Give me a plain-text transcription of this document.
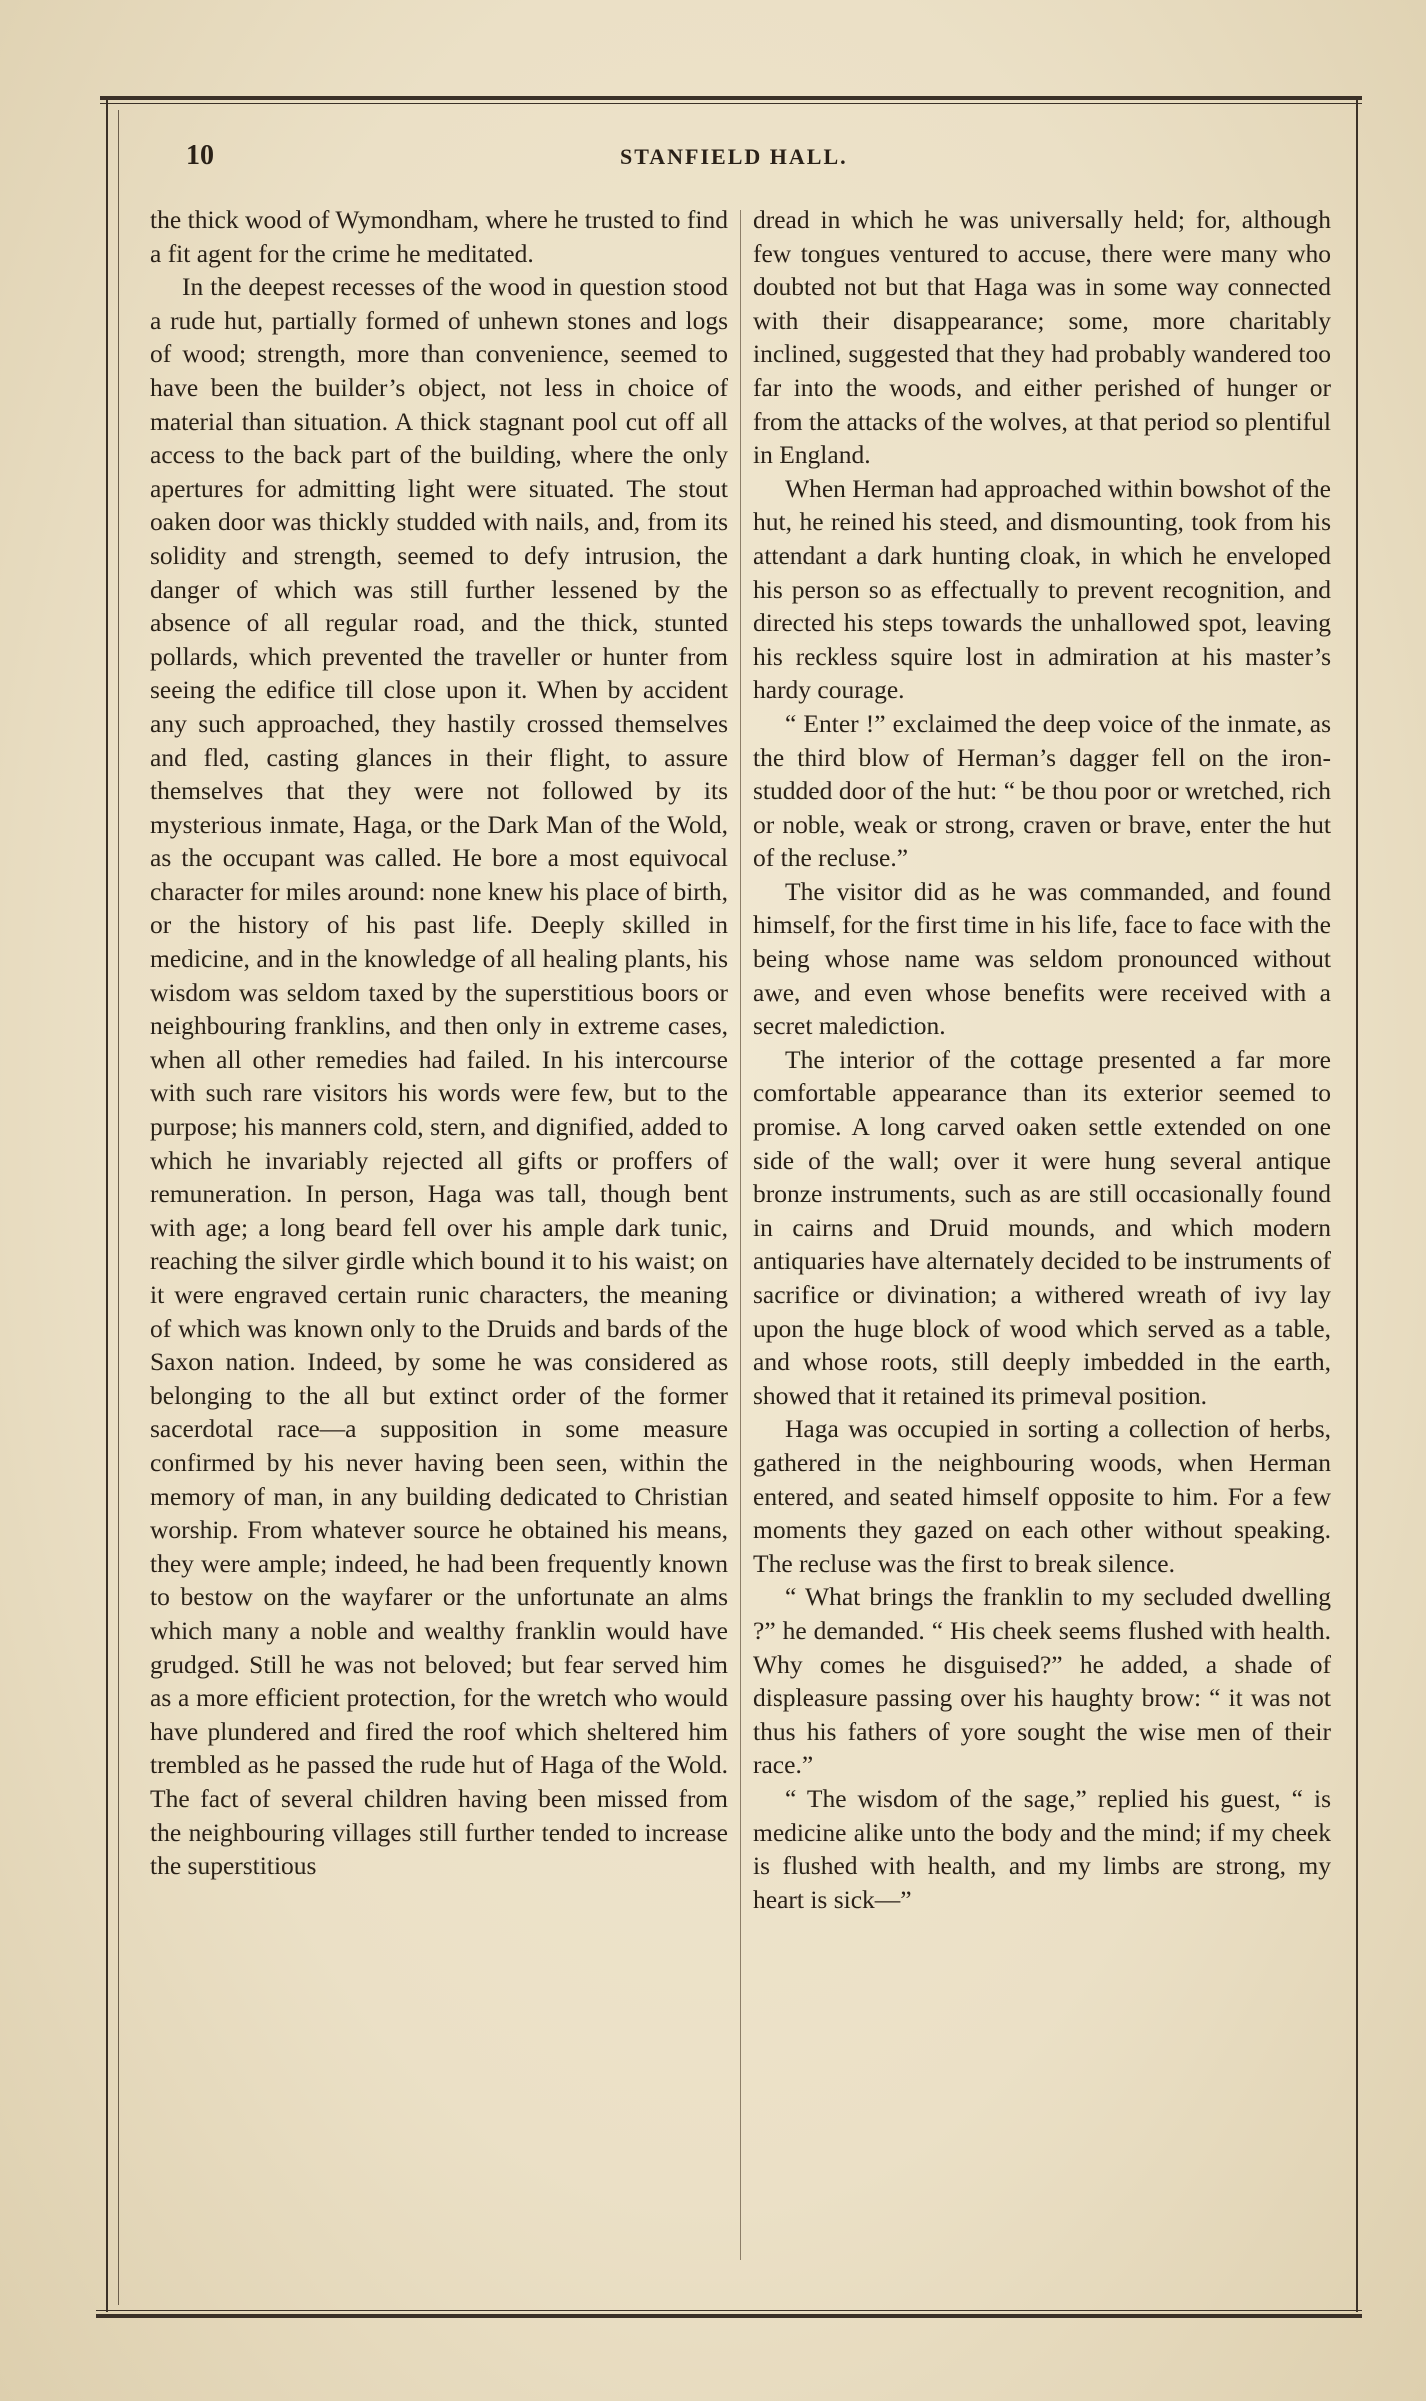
10	STANFIELD HALL.

the thick wood of Wymondham, where he trusted to find a fit agent for the crime he meditated.

In the deepest recesses of the wood in question stood a rude hut, partially formed of unhewn stones and logs of wood; strength, more than convenience, seemed to have been the builder’s object, not less in choice of material than situation. A thick stagnant pool cut off all access to the back part of the building, where the only apertures for admitting light were situated. The stout oaken door was thickly studded with nails, and, from its solidity and strength, seemed to defy intrusion, the danger of which was still further lessened by the absence of all regular road, and the thick, stunted pollards, which prevented the traveller or hunter from seeing the edifice till close upon it. When by accident any such approached, they hastily crossed themselves and fled, casting glances in their flight, to assure themselves that they were not followed by its mysterious inmate, Haga, or the Dark Man of the Wold, as the occupant was called. He bore a most equivocal character for miles around: none knew his place of birth, or the history of his past life. Deeply skilled in medicine, and in the knowledge of all healing plants, his wisdom was seldom taxed by the superstitious boors or neighbouring franklins, and then only in extreme cases, when all other remedies had failed. In his intercourse with such rare visitors his words were few, but to the purpose; his manners cold, stern, and dignified, added to which he invariably rejected all gifts or proffers of remuneration. In person, Haga was tall, though bent with age; a long beard fell over his ample dark tunic, reaching the silver girdle which bound it to his waist; on it were engraved certain runic characters, the meaning of which was known only to the Druids and bards of the Saxon nation. Indeed, by some he was considered as belonging to the all but extinct order of the former sacerdotal race—a supposition in some measure confirmed by his never having been seen, within the memory of man, in any building dedicated to Christian worship. From whatever source he obtained his means, they were ample; indeed, he had been frequently known to bestow on the wayfarer or the unfortunate an alms which many a noble and wealthy franklin would have grudged. Still he was not beloved; but fear served him as a more efficient protection, for the wretch who would have plundered and fired the roof which sheltered him trembled as he passed the rude hut of Haga of the Wold. The fact of several children having been missed from the neighbouring villages still further tended to increase the superstitious

dread in which he was universally held; for, although few tongues ventured to accuse, there were many who doubted not but that Haga was in some way connected with their disappearance; some, more charitably inclined, suggested that they had probably wandered too far into the woods, and either perished of hunger or from the attacks of the wolves, at that period so plentiful in England.

When Herman had approached within bowshot of the hut, he reined his steed, and dismounting, took from his attendant a dark hunting cloak, in which he enveloped his person so as effectually to prevent recognition, and directed his steps towards the unhallowed spot, leaving his reckless squire lost in admiration at his master’s hardy courage.

“ Enter !” exclaimed the deep voice of the inmate, as the third blow of Herman’s dagger fell on the iron-studded door of the hut: “ be thou poor or wretched, rich or noble, weak or strong, craven or brave, enter the hut of the recluse.”

The visitor did as he was commanded, and found himself, for the first time in his life, face to face with the being whose name was seldom pronounced without awe, and even whose benefits were received with a secret malediction.

The interior of the cottage presented a far more comfortable appearance than its exterior seemed to promise. A long carved oaken settle extended on one side of the wall; over it were hung several antique bronze instruments, such as are still occasionally found in cairns and Druid mounds, and which modern antiquaries have alternately decided to be instruments of sacrifice or divination; a withered wreath of ivy lay upon the huge block of wood which served as a table, and whose roots, still deeply imbedded in the earth, showed that it retained its primeval position.

Haga was occupied in sorting a collection of herbs, gathered in the neighbouring woods, when Herman entered, and seated himself opposite to him. For a few moments they gazed on each other without speaking. The recluse was the first to break silence.

“ What brings the franklin to my secluded dwelling ?” he demanded. “ His cheek seems flushed with health. Why comes he disguised?” he added, a shade of displeasure passing over his haughty brow: “ it was not thus his fathers of yore sought the wise men of their race.”

“ The wisdom of the sage,” replied his guest, “ is medicine alike unto the body and the mind; if my cheek is flushed with health, and my limbs are strong, my heart is sick—”
